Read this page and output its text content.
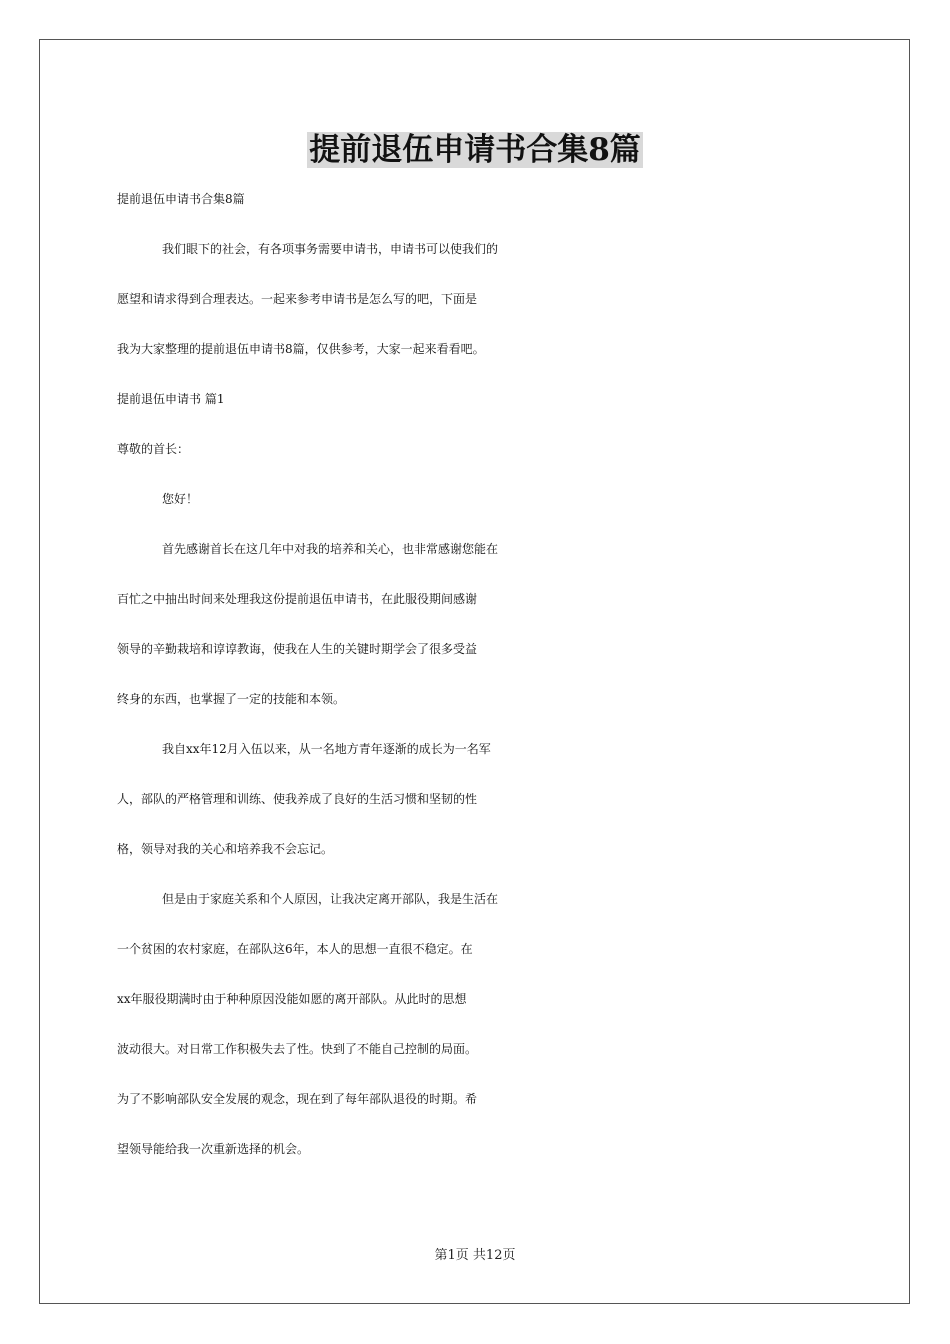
提前退伍申请书合集8篇

提前退伍申请书合集8篇

我们眼下的社会，有各项事务需要申请书，申请书可以使我们的

愿望和请求得到合理表达。一起来参考申请书是怎么写的吧，下面是

我为大家整理的提前退伍申请书8篇，仅供参考，大家一起来看看吧。

提前退伍申请书 篇1

尊敬的首长：

您好！

首先感谢首长在这几年中对我的培养和关心，也非常感谢您能在

百忙之中抽出时间来处理我这份提前退伍申请书，在此服役期间感谢

领导的辛勤栽培和谆谆教诲，使我在人生的关键时期学会了很多受益

终身的东西，也掌握了一定的技能和本领。

我自xx年12月入伍以来，从一名地方青年逐渐的成长为一名军

人，部队的严格管理和训练、使我养成了良好的生活习惯和坚韧的性

格，领导对我的关心和培养我不会忘记。

但是由于家庭关系和个人原因，让我决定离开部队，我是生活在

一个贫困的农村家庭，在部队这6年，本人的思想一直很不稳定。在

xx年服役期满时由于种种原因没能如愿的离开部队。从此时的思想

波动很大。对日常工作积极失去了性。快到了不能自己控制的局面。

为了不影响部队安全发展的观念，现在到了每年部队退役的时期。希

望领导能给我一次重新选择的机会。

第1页 共12页
